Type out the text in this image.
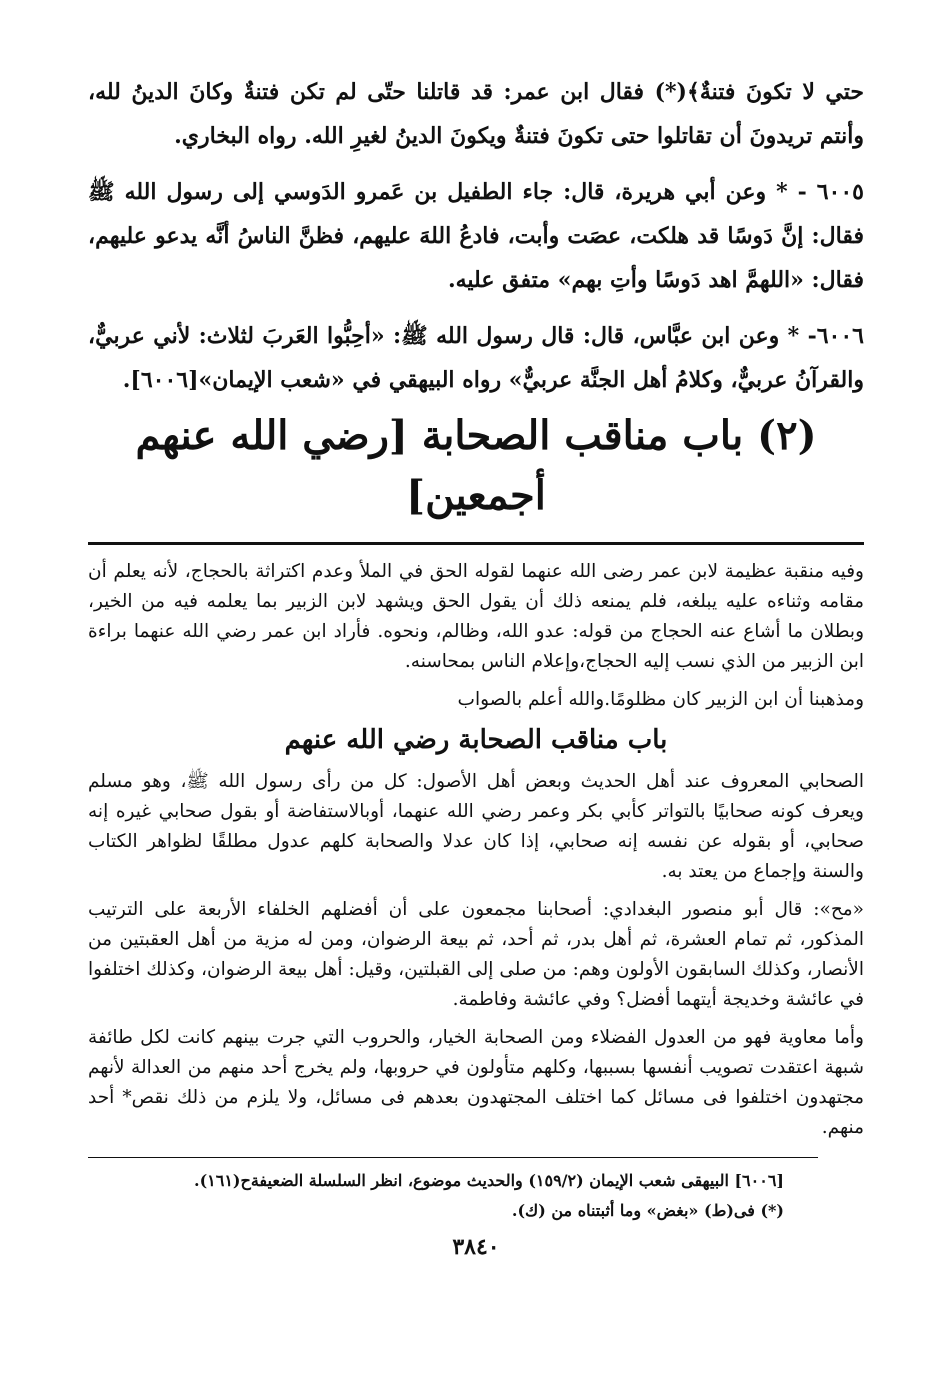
حتي لا تكونَ فتنةٌ﴾(*) فقال ابن عمر: قد قاتلنا حتّى لم تكن فتنةٌ وكانَ الدينُ لله، وأنتم تريدونَ أن تقاتلوا حتى تكونَ فتنةٌ ويكونَ الدينُ لغيرِ الله. رواه البخاري.

٦٠٠٥ - * وعن أبي هريرة، قال: جاء الطفيل بن عَمرو الدَوسي إلى رسول الله ﷺ فقال: إنَّ دَوسًا قد هلكت، عصَت وأبت، فادعُ اللهَ عليهم، فظنَّ الناسُ أنَّه يدعو عليهم، فقال: «اللهمَّ اهد دَوسًا وأتِ بهم» متفق عليه.

٦٠٠٦- * وعن ابن عبَّاس، قال: قال رسول الله ﷺ: «أحِبُّوا العَربَ لثلاث: لأني عربيٌّ، والقرآنُ عربيٌّ، وكلامُ أهل الجنَّة عربيٌّ» رواه البيهقي في «شعب الإيمان»[٦٠٠٦].

(٢) باب مناقب الصحابة [رضي الله عنهم أجمعين]

وفيه منقبة عظيمة لابن عمر رضى الله عنهما لقوله الحق في الملأ وعدم اكتراثة بالحجاج، لأنه يعلم أن مقامه وثناءه عليه يبلغه، فلم يمنعه ذلك أن يقول الحق ويشهد لابن الزبير بما يعلمه فيه من الخير، وبطلان ما أشاع عنه الحجاج من قوله: عدو الله، وظالم، ونحوه. فأراد ابن عمر رضي الله عنهما براءة ابن الزبير من الذي نسب إليه الحجاج،وإعلام الناس بمحاسنه.

ومذهبنا أن ابن الزبير كان مظلومًا.والله أعلم بالصواب

باب مناقب الصحابة رضي الله عنهم

الصحابي المعروف عند أهل الحديث وبعض أهل الأصول: كل من رأى رسول الله ﷺ، وهو مسلم ويعرف كونه صحابيًا بالتواتر كأبي بكر وعمر رضي الله عنهما، أوبالاستفاضة أو بقول صحابي غيره إنه صحابي، أو بقوله عن نفسه إنه صحابي، إذا كان عدلا والصحابة كلهم عدول مطلقًا لظواهر الكتاب والسنة وإجماع من يعتد به.

«مح»: قال أبو منصور البغدادي: أصحابنا مجمعون على أن أفضلهم الخلفاء الأربعة على الترتيب المذكور، ثم تمام العشرة، ثم أهل بدر، ثم أحد، ثم بيعة الرضوان، ومن له مزية من أهل العقبتين من الأنصار، وكذلك السابقون الأولون وهم: من صلى إلى القبلتين، وقيل: أهل بيعة الرضوان، وكذلك اختلفوا في عائشة وخديجة أيتهما أفضل؟ وفي عائشة وفاطمة.

وأما معاوية فهو من العدول الفضلاء ومن الصحابة الخيار، والحروب التي جرت بينهم كانت لكل طائفة شبهة اعتقدت تصويب أنفسها بسببها، وكلهم متأولون في حروبها، ولم يخرج أحد منهم من العدالة لأنهم مجتهدون اختلفوا فى مسائل كما اختلف المجتهدون بعدهم فى مسائل، ولا يلزم من ذلك نقص* أحد منهم.

[٦٠٠٦] البيهقى شعب الإيمان (١٥٩/٢) والحديث موضوع، انظر السلسلة الضعيفةح(١٦١).

(*) فى(ط) «بغض» وما أثبتناه من (ك).

٣٨٤٠
